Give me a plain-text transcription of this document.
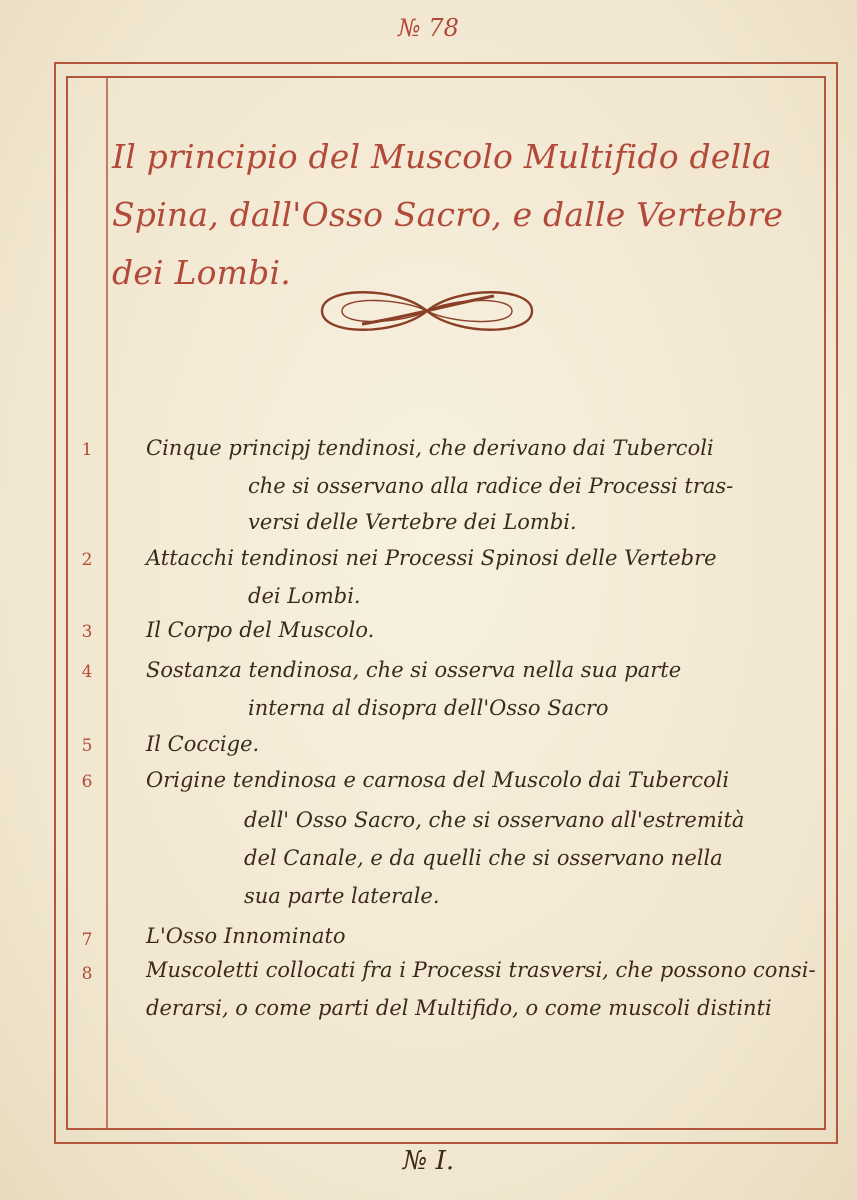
№ 78
Il principio del Muscolo Multifido della
Spina, dall'Osso Sacro, e dalle Vertebre dei Lombi.
1	Cinque principj tendinosi, che derivano dai Tubercoli
che si osservano alla radice dei Processi tras-
versi delle Vertebre dei Lombi.
2	Attacchi tendinosi nei Processi Spinosi delle Vertebre
dei Lombi.
3	Il Corpo del Muscolo.
4	Sostanza tendinosa, che si osserva nella sua parte
interna al disopra dell'Osso Sacro
5	Il Coccige.
6	Origine tendinosa e carnosa del Muscolo dai Tubercoli
dell' Osso Sacro, che si osservano all'estremità
del Canale, e da quelli che si osservano nella
sua parte laterale.
7	L'Osso Innominato
8	Muscoletti collocati fra i Processi trasversi, che possono consi-
derarsi, o come parti del Multifido, o come muscoli distinti
№ I.
